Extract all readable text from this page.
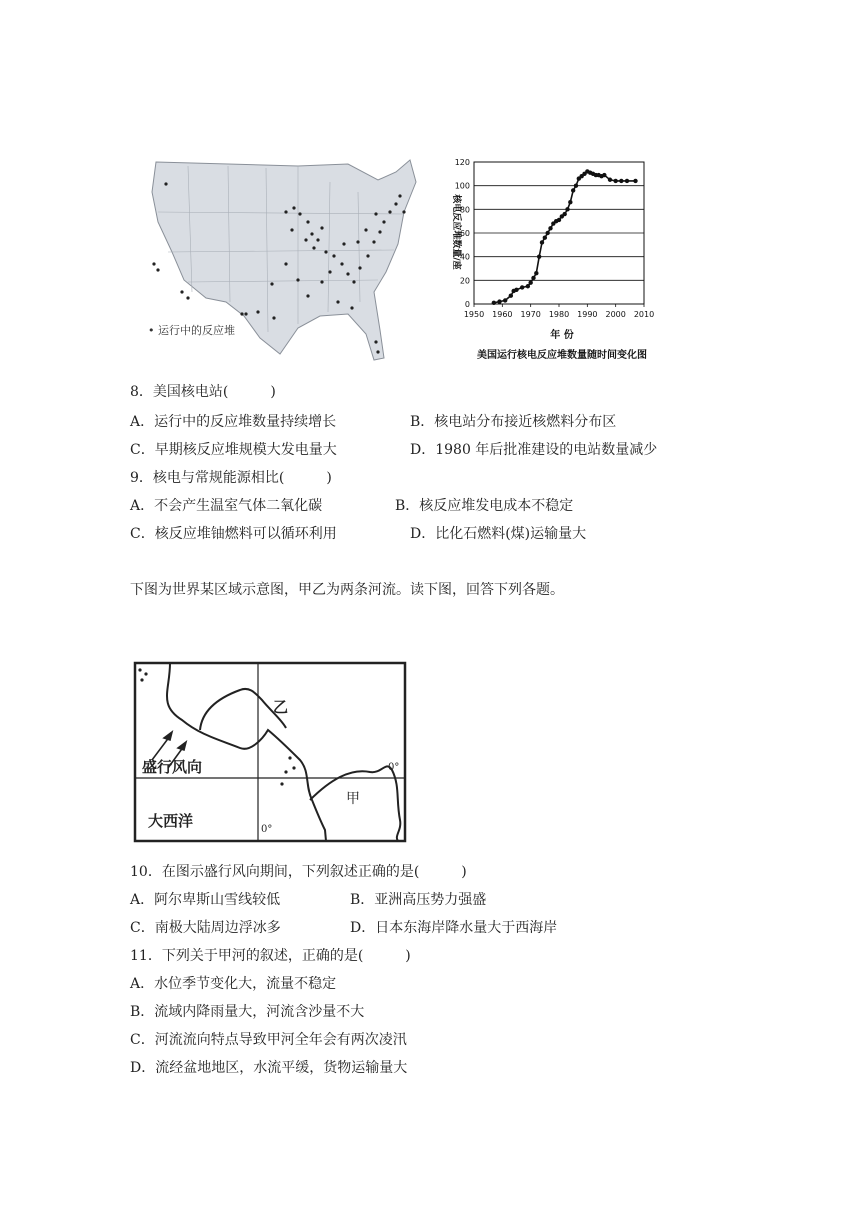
• 运行中的反应堆
核电反应堆数量/座
0
20
40
60
80
100
120
1950 1960 1970 1980 1990 2000 2010
年 份
美国运行核电反应堆数量随时间变化图
8．美国核电站(　　　)
A．运行中的反应堆数量持续增长	B．核电站分布接近核燃料分布区
C．早期核反应堆规模大发电量大	D．1980 年后批准建设的电站数量减少
9．核电与常规能源相比(　　　)
A．不会产生温室气体二氧化碳	B．核反应堆发电成本不稳定
C．核反应堆铀燃料可以循环利用	D．比化石燃料(煤)运输量大
下图为世界某区域示意图，甲乙为两条河流。读下图，回答下列各题。
盛行风向
大西洋
乙
甲
0°
0°
10．在图示盛行风向期间，下列叙述正确的是(　　　)
A．阿尔卑斯山雪线较低	B．亚洲高压势力强盛
C．南极大陆周边浮冰多	D．日本东海岸降水量大于西海岸
11．下列关于甲河的叙述，正确的是(　　　)
A．水位季节变化大，流量不稳定
B．流域内降雨量大，河流含沙量不大
C．河流流向特点导致甲河全年会有两次凌汛
D．流经盆地地区，水流平缓，货物运输量大
